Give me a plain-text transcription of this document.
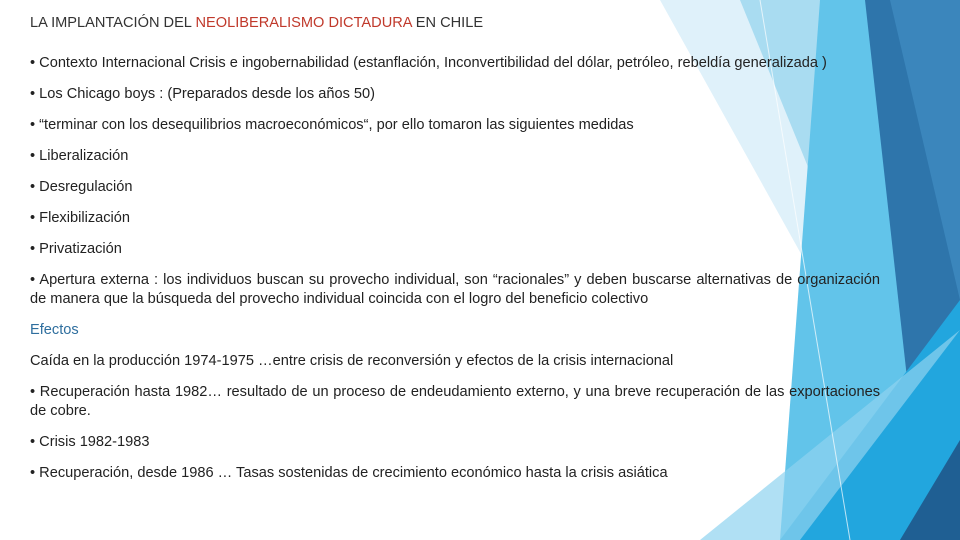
LA IMPLANTACIÓN DEL NEOLIBERALISMO DICTADURA EN CHILE

• Contexto Internacional Crisis e ingobernabilidad (estanflación, Inconvertibilidad del dólar, petróleo, rebeldía generalizada )

• Los Chicago boys : (Preparados desde los años 50)

• “terminar con los desequilibrios macroeconómicos“, por ello tomaron las siguientes medidas

• Liberalización

• Desregulación

• Flexibilización

• Privatización

• Apertura externa : los individuos buscan su provecho individual, son “racionales” y deben buscarse alternativas de organización de manera que la búsqueda del provecho individual coincida con el logro del beneficio colectivo

Efectos

Caída en la producción 1974-1975 …entre crisis de reconversión y efectos de la crisis internacional

• Recuperación hasta 1982… resultado de un proceso de endeudamiento externo, y una breve recuperación de las exportaciones de cobre.

• Crisis 1982-1983

• Recuperación, desde 1986 … Tasas sostenidas de crecimiento económico hasta la crisis asiática
